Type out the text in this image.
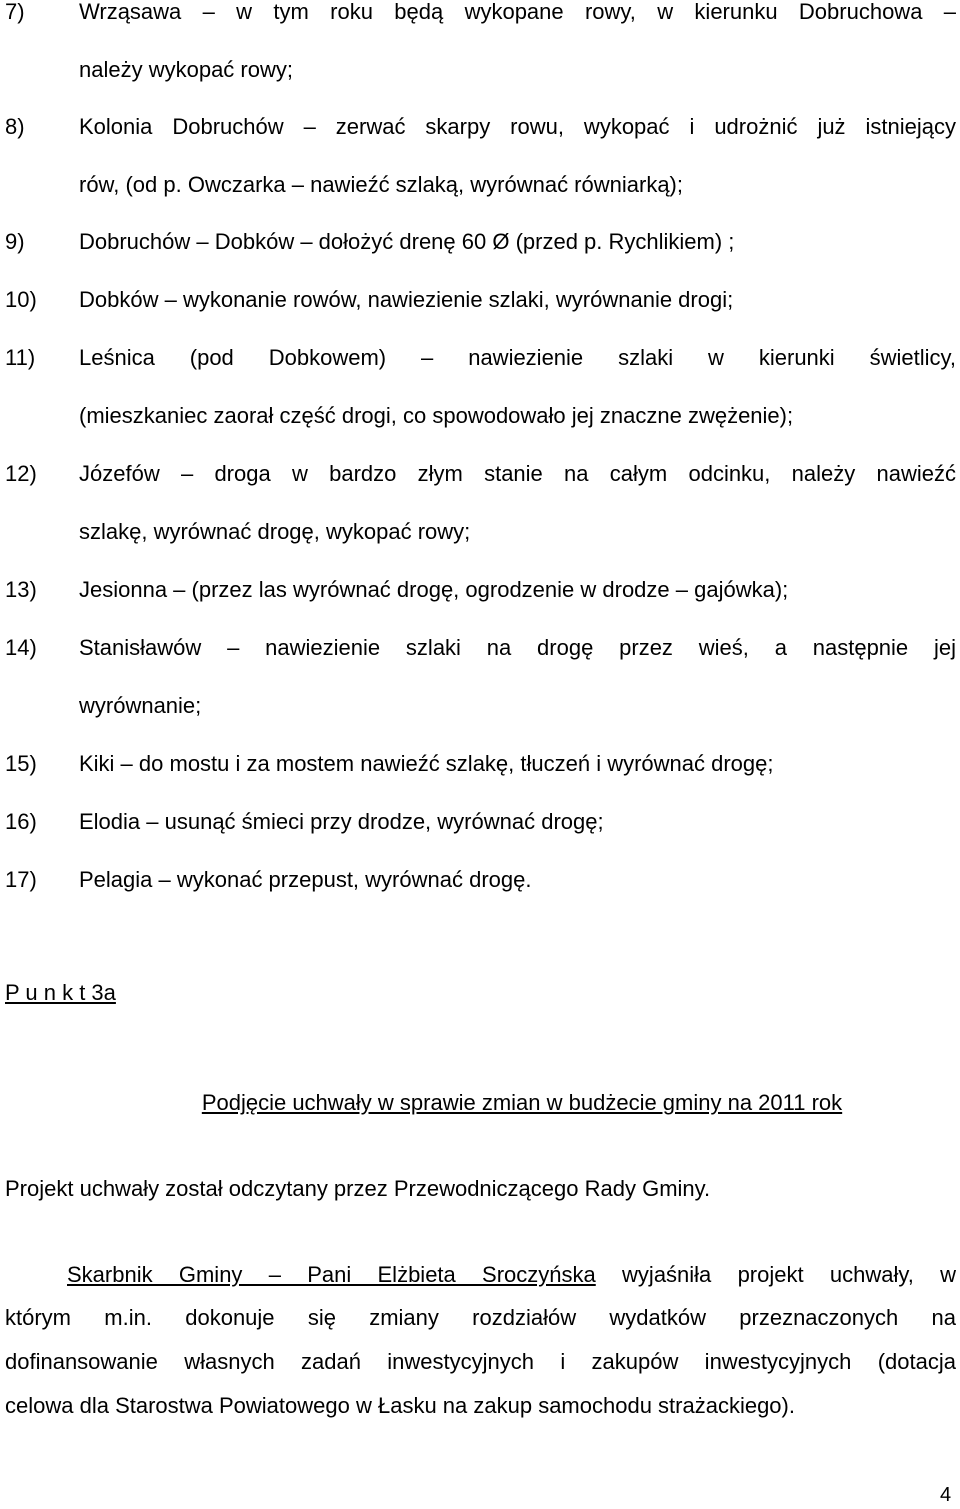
7) Wrząsawa – w tym roku będą wykopane rowy, w kierunku Dobruchowa –
należy wykopać rowy;
8) Kolonia Dobruchów – zerwać skarpy rowu, wykopać i udrożnić już istniejący
rów, (od p. Owczarka – nawieźć szlaką, wyrównać równiarką);
9) Dobruchów – Dobków – dołożyć drenę 60 Ø (przed p. Rychlikiem) ;
10) Dobków – wykonanie rowów, nawiezienie szlaki, wyrównanie drogi;
11) Leśnica (pod Dobkowem) – nawiezienie szlaki w kierunki świetlicy,
(mieszkaniec zaorał część drogi, co spowodowało jej znaczne zwężenie);
12) Józefów – droga w bardzo złym stanie na całym odcinku, należy nawieźć
szlakę, wyrównać drogę, wykopać rowy;
13) Jesionna – (przez las wyrównać drogę, ogrodzenie w drodze – gajówka);
14) Stanisławów – nawiezienie szlaki na drogę przez wieś, a następnie jej
wyrównanie;
15) Kiki – do mostu i za mostem nawieźć szlakę, tłuczeń i wyrównać drogę;
16) Elodia – usunąć śmieci przy drodze, wyrównać drogę;
17) Pelagia – wykonać przepust, wyrównać drogę.
P u n k t 3a
Podjęcie uchwały w sprawie zmian w budżecie gminy na 2011 rok
Projekt uchwały został odczytany przez Przewodniczącego Rady Gminy.
Skarbnik Gminy – Pani Elżbieta Sroczyńska wyjaśniła projekt uchwały, w
którym m.in. dokonuje się zmiany rozdziałów wydatków przeznaczonych na
dofinansowanie własnych zadań inwestycyjnych i zakupów inwestycyjnych (dotacja
celowa dla Starostwa Powiatowego w Łasku na zakup samochodu strażackiego).
4
